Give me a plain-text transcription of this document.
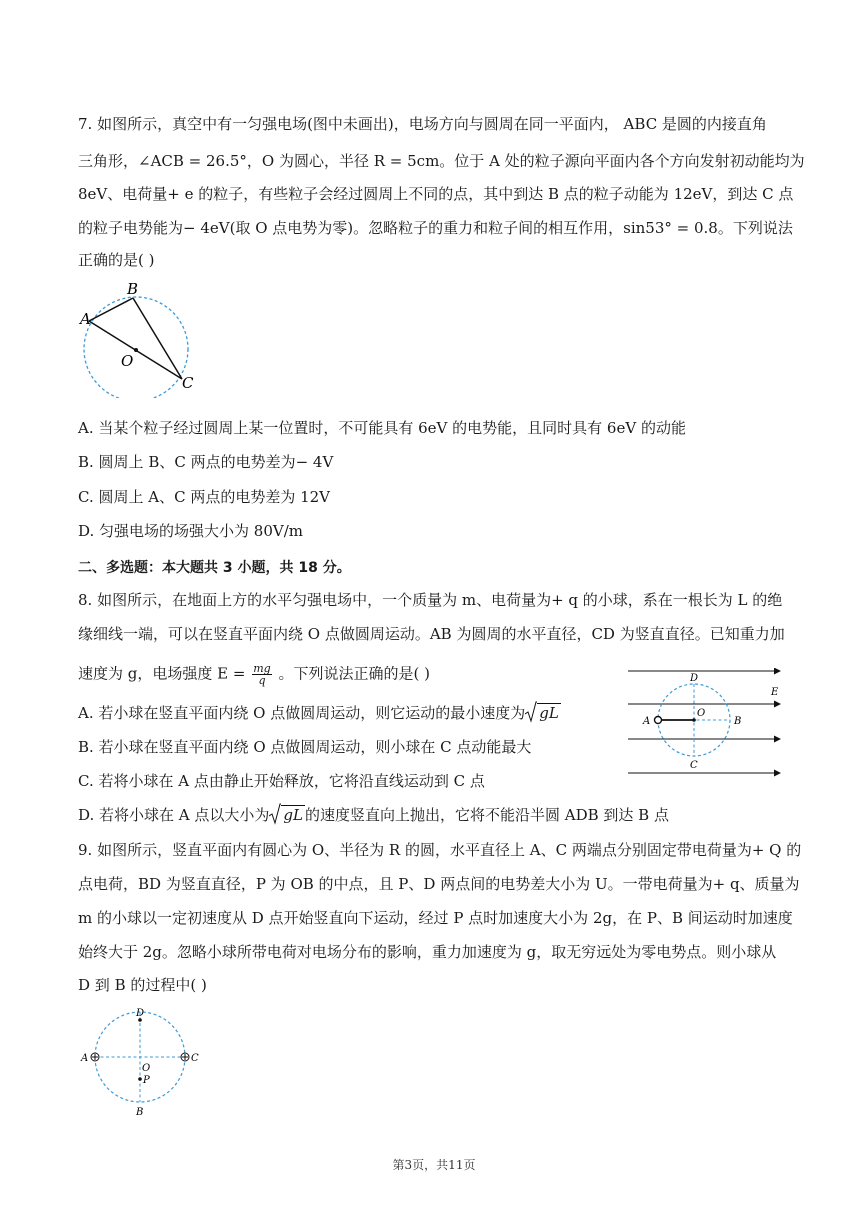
7. 如图所示，真空中有一匀强电场(图中未画出)，电场方向与圆周在同一平面内， ABC 是圆的内接直角
三角形，∠ACB = 26.5°，O 为圆心，半径 R = 5cm。位于 A 处的粒子源向平面内各个方向发射初动能均为
8eV、电荷量+ e 的粒子，有些粒子会经过圆周上不同的点，其中到达 B 点的粒子动能为 12eV，到达 C 点
的粒子电势能为− 4eV(取 O 点电势为零)。忽略粒子的重力和粒子间的相互作用，sin53° = 0.8。下列说法
正确的是( )
A
B
C
O
A. 当某个粒子经过圆周上某一位置时，不可能具有 6eV 的电势能，且同时具有 6eV 的动能
B. 圆周上 B、C 两点的电势差为− 4V
C. 圆周上 A、C 两点的电势差为 12V
D. 匀强电场的场强大小为 80V/m
二、多选题：本大题共 3 小题，共 18 分。
8. 如图所示，在地面上方的水平匀强电场中，一个质量为 m、电荷量为+ q 的小球，系在一根长为 L 的绝
缘细线一端，可以在竖直平面内绕 O 点做圆周运动。AB 为圆周的水平直径，CD 为竖直直径。已知重力加
速度为 g，电场强度 $E = \frac{mg}{q}$ 。下列说法正确的是( )
A. 若小球在竖直平面内绕 O 点做圆周运动，则它运动的最小速度为 gL
B. 若小球在竖直平面内绕 O 点做圆周运动，则小球在 C 点动能最大
C. 若将小球在 A 点由静止开始释放，它将沿直线运动到 C 点
D. 若将小球在 A 点以大小为 gL 的速度竖直向上抛出，它将不能沿半圆 ADB 到达 B 点
A	B
C
D
O
E
9. 如图所示，竖直平面内有圆心为 O、半径为 R 的圆，水平直径上 A、C 两端点分别固定带电荷量为+ Q 的
点电荷，BD 为竖直直径，P 为 OB 的中点，且 P、D 两点间的电势差大小为 U。一带电荷量为+ q、质量为
m 的小球以一定初速度从 D 点开始竖直向下运动，经过 P 点时加速度大小为 2g，在 P、B 间运动时加速度
始终大于 2g。忽略小球所带电荷对电场分布的影响，重力加速度为 g，取无穷远处为零电势点。则小球从
D 到 B 的过程中( )
D
A	C
O
P
B
第3页，共11页
